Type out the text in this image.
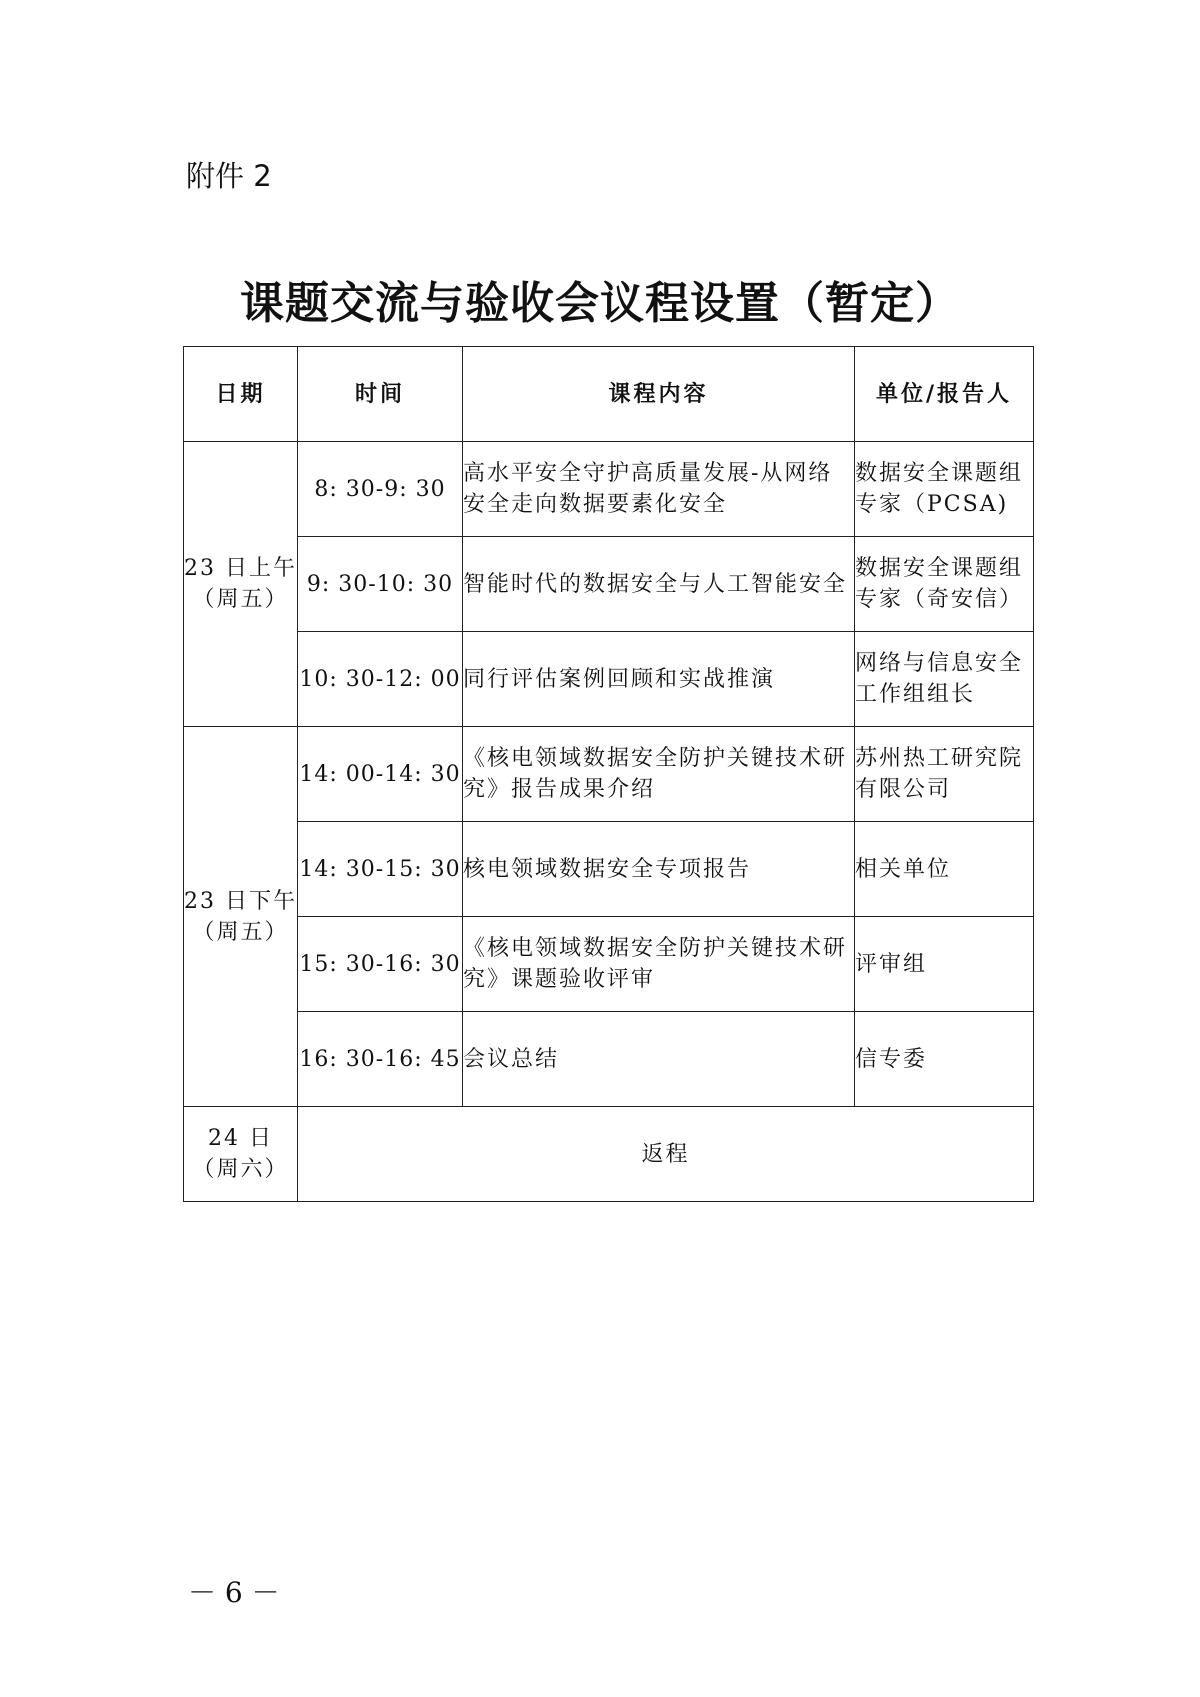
附件 2
课题交流与验收会议程设置（暂定）
日期	时间	课程内容	单位/报告人

23 日上午
（周五）	8: 30-9: 30	高水平安全守护高质量发展-从网络安全走向数据要素化安全	数据安全课题组专家（PCSA)
	9: 30-10: 30	智能时代的数据安全与人工智能安全	数据安全课题组专家（奇安信）
	10: 30-12: 00	同行评估案例回顾和实战推演	网络与信息安全工作组组长

23 日下午
（周五）	14: 00-14: 30	《核电领域数据安全防护关键技术研究》报告成果介绍	苏州热工研究院有限公司
	14: 30-15: 30	核电领域数据安全专项报告	相关单位
	15: 30-16: 30	《核电领域数据安全防护关键技术研究》课题验收评审	评审组
	16: 30-16: 45	会议总结	信专委

24 日
（周六）	返程		
－ 6 －
